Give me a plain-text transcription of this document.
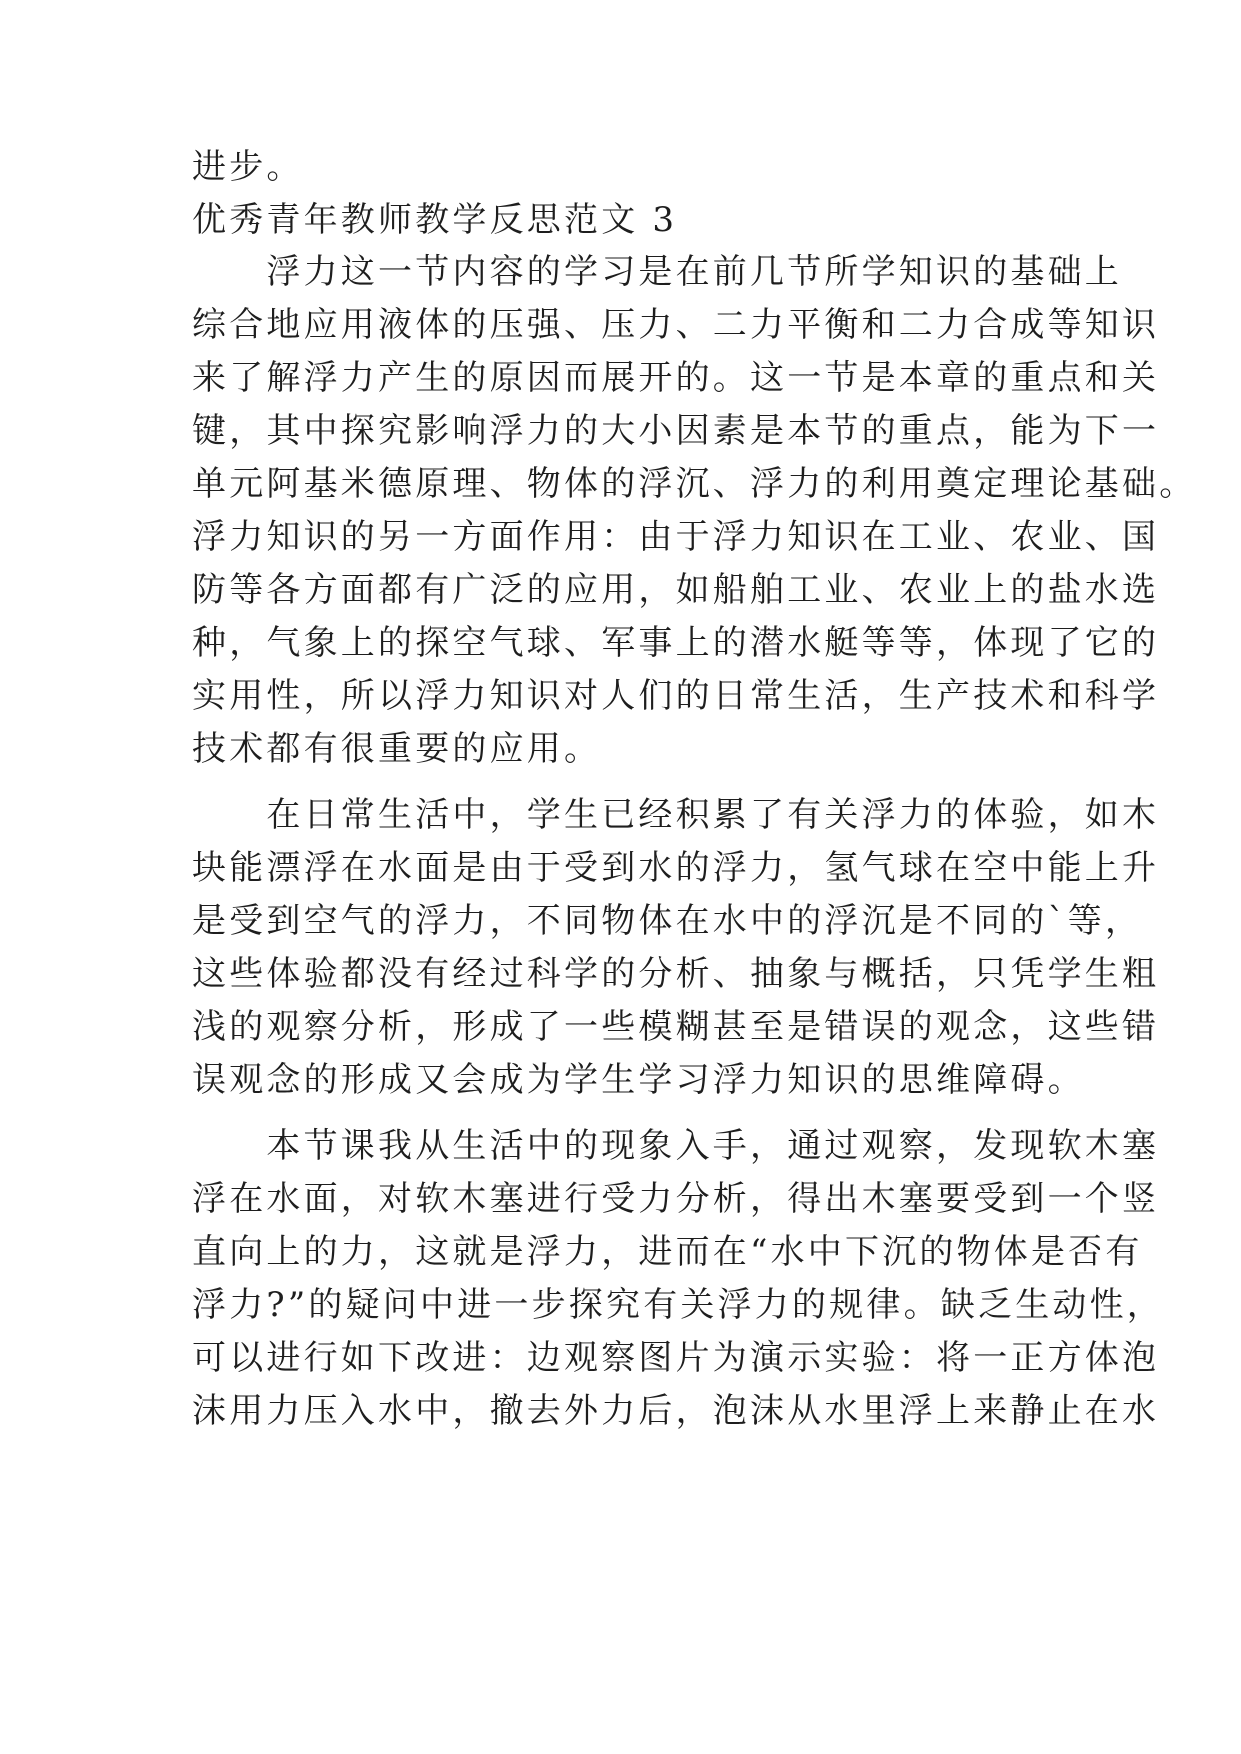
进步。
优秀青年教师教学反思范文 3
　　浮力这一节内容的学习是在前几节所学知识的基础上
综合地应用液体的压强、压力、二力平衡和二力合成等知识
来了解浮力产生的原因而展开的。这一节是本章的重点和关
键，其中探究影响浮力的大小因素是本节的重点，能为下一
单元阿基米德原理、物体的浮沉、浮力的利用奠定理论基础。
浮力知识的另一方面作用：由于浮力知识在工业、农业、国
防等各方面都有广泛的应用，如船舶工业、农业上的盐水选
种，气象上的探空气球、军事上的潜水艇等等，体现了它的
实用性，所以浮力知识对人们的日常生活，生产技术和科学
技术都有很重要的应用。
　　在日常生活中，学生已经积累了有关浮力的体验，如木
块能漂浮在水面是由于受到水的浮力，氢气球在空中能上升
是受到空气的浮力，不同物体在水中的浮沉是不同的`等，
这些体验都没有经过科学的分析、抽象与概括，只凭学生粗
浅的观察分析，形成了一些模糊甚至是错误的观念，这些错
误观念的形成又会成为学生学习浮力知识的思维障碍。
　　本节课我从生活中的现象入手，通过观察，发现软木塞
浮在水面，对软木塞进行受力分析，得出木塞要受到一个竖
直向上的力，这就是浮力，进而在“水中下沉的物体是否有
浮力?”的疑问中进一步探究有关浮力的规律。缺乏生动性，
可以进行如下改进：边观察图片为演示实验：将一正方体泡
沫用力压入水中，撤去外力后，泡沫从水里浮上来静止在水
